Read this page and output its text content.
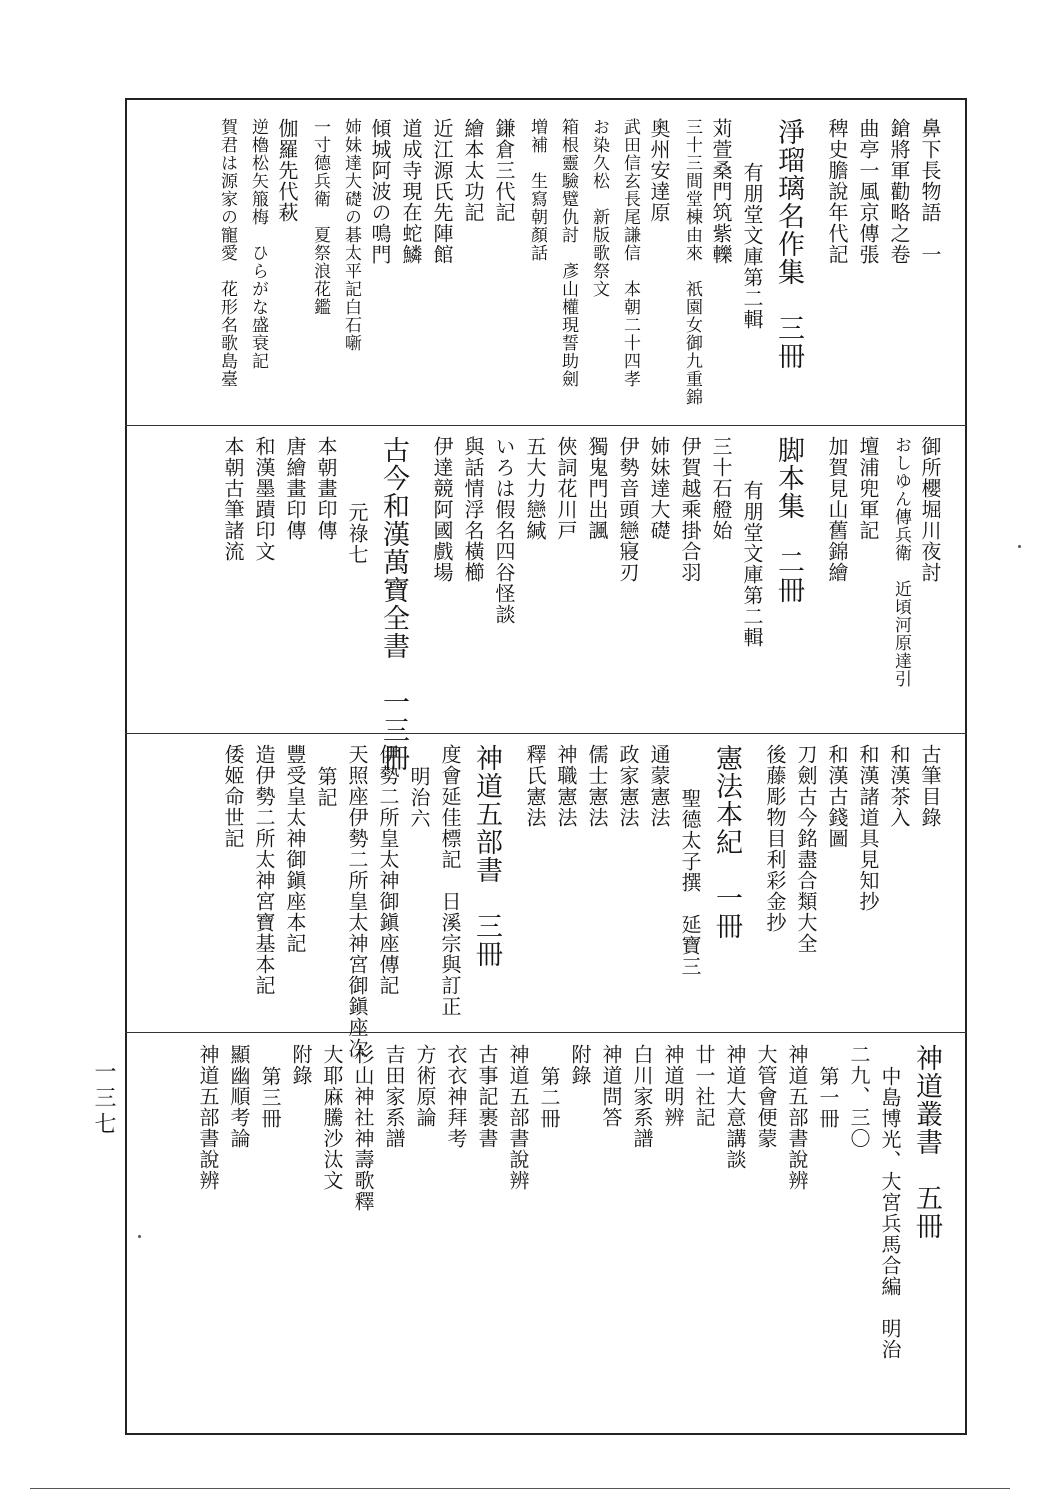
鼻下長物語　一
鎗將軍勸略之卷
曲亭一風京傳張
稗史膽說年代記
淨瑠璃名作集　三冊
有朋堂文庫第二輯
苅萱桑門筑紫轢
三十三間堂棟由來　祇園女御九重錦
奧州安達原
武田信玄長尾謙信　本朝二十四孝
お染久松　新版歌祭文
箱根靈驗躄仇討　彥山權現誓助劍
増補　生寫朝顏話
鎌倉三代記
繪本太功記
近江源氏先陣館
道成寺現在蛇鱗
傾城阿波の鳴門
姉妹達大礎の碁太平記白石噺
一寸德兵衛　夏祭浪花鑑
伽羅先代萩
逆櫓松矢箙梅　ひらがな盛衰記
賀君は源家の寵愛　花形名歌島臺
御所櫻堀川夜討
おしゆん傳兵衛　近頃河原達引
壇浦兜軍記
加賀見山舊錦繪
脚本集　二冊
有朋堂文庫第二輯
三十石艠始
伊賀越乘掛合羽
姉妹達大礎
伊勢音頭戀寢刃
獨鬼門出諷
俠詞花川戸
五大力戀緘
いろは假名四谷怪談
與話情浮名橫櫛
伊達競阿國戲場
古今和漢萬寶全書　一三冊
元祿七
本朝畫印傳
唐繪畫印傳
和漢墨蹟印文
本朝古筆諸流
古筆目錄
和漢茶入
和漢諸道具見知抄
和漢古錢圖
刀劍古今銘盡合類大全
後藤彫物目利彩金抄
憲法本紀　一冊
聖德太子撰　延寶三
通蒙憲法
政家憲法
儒士憲法
神職憲法
釋氏憲法
神道五部書　三冊
度會延佳標記　日溪宗與訂正
明治六
伊勢二所皇太神御鎭座傳記
天照座伊勢二所皇太神宮御鎭座次
第記
豐受皇太神御鎭座本記
造伊勢二所太神宮寶基本記
倭姬命世記
神道叢書　五冊
中島博光、大宮兵馬合編　明治
二九、三〇
第一冊
神道五部書說辨
大管會便蒙
神道大意講談
廿一社記
神道明辨
白川家系譜
神道問答
附錄
第二冊
神道五部書說辨
古事記裹書
衣衣神拜考
方術原論
吉田家系譜
杉山神社神壽歌釋
大耶麻騰沙汰文
附錄
第三冊
顯幽順考論
神道五部書說辨
一三七
